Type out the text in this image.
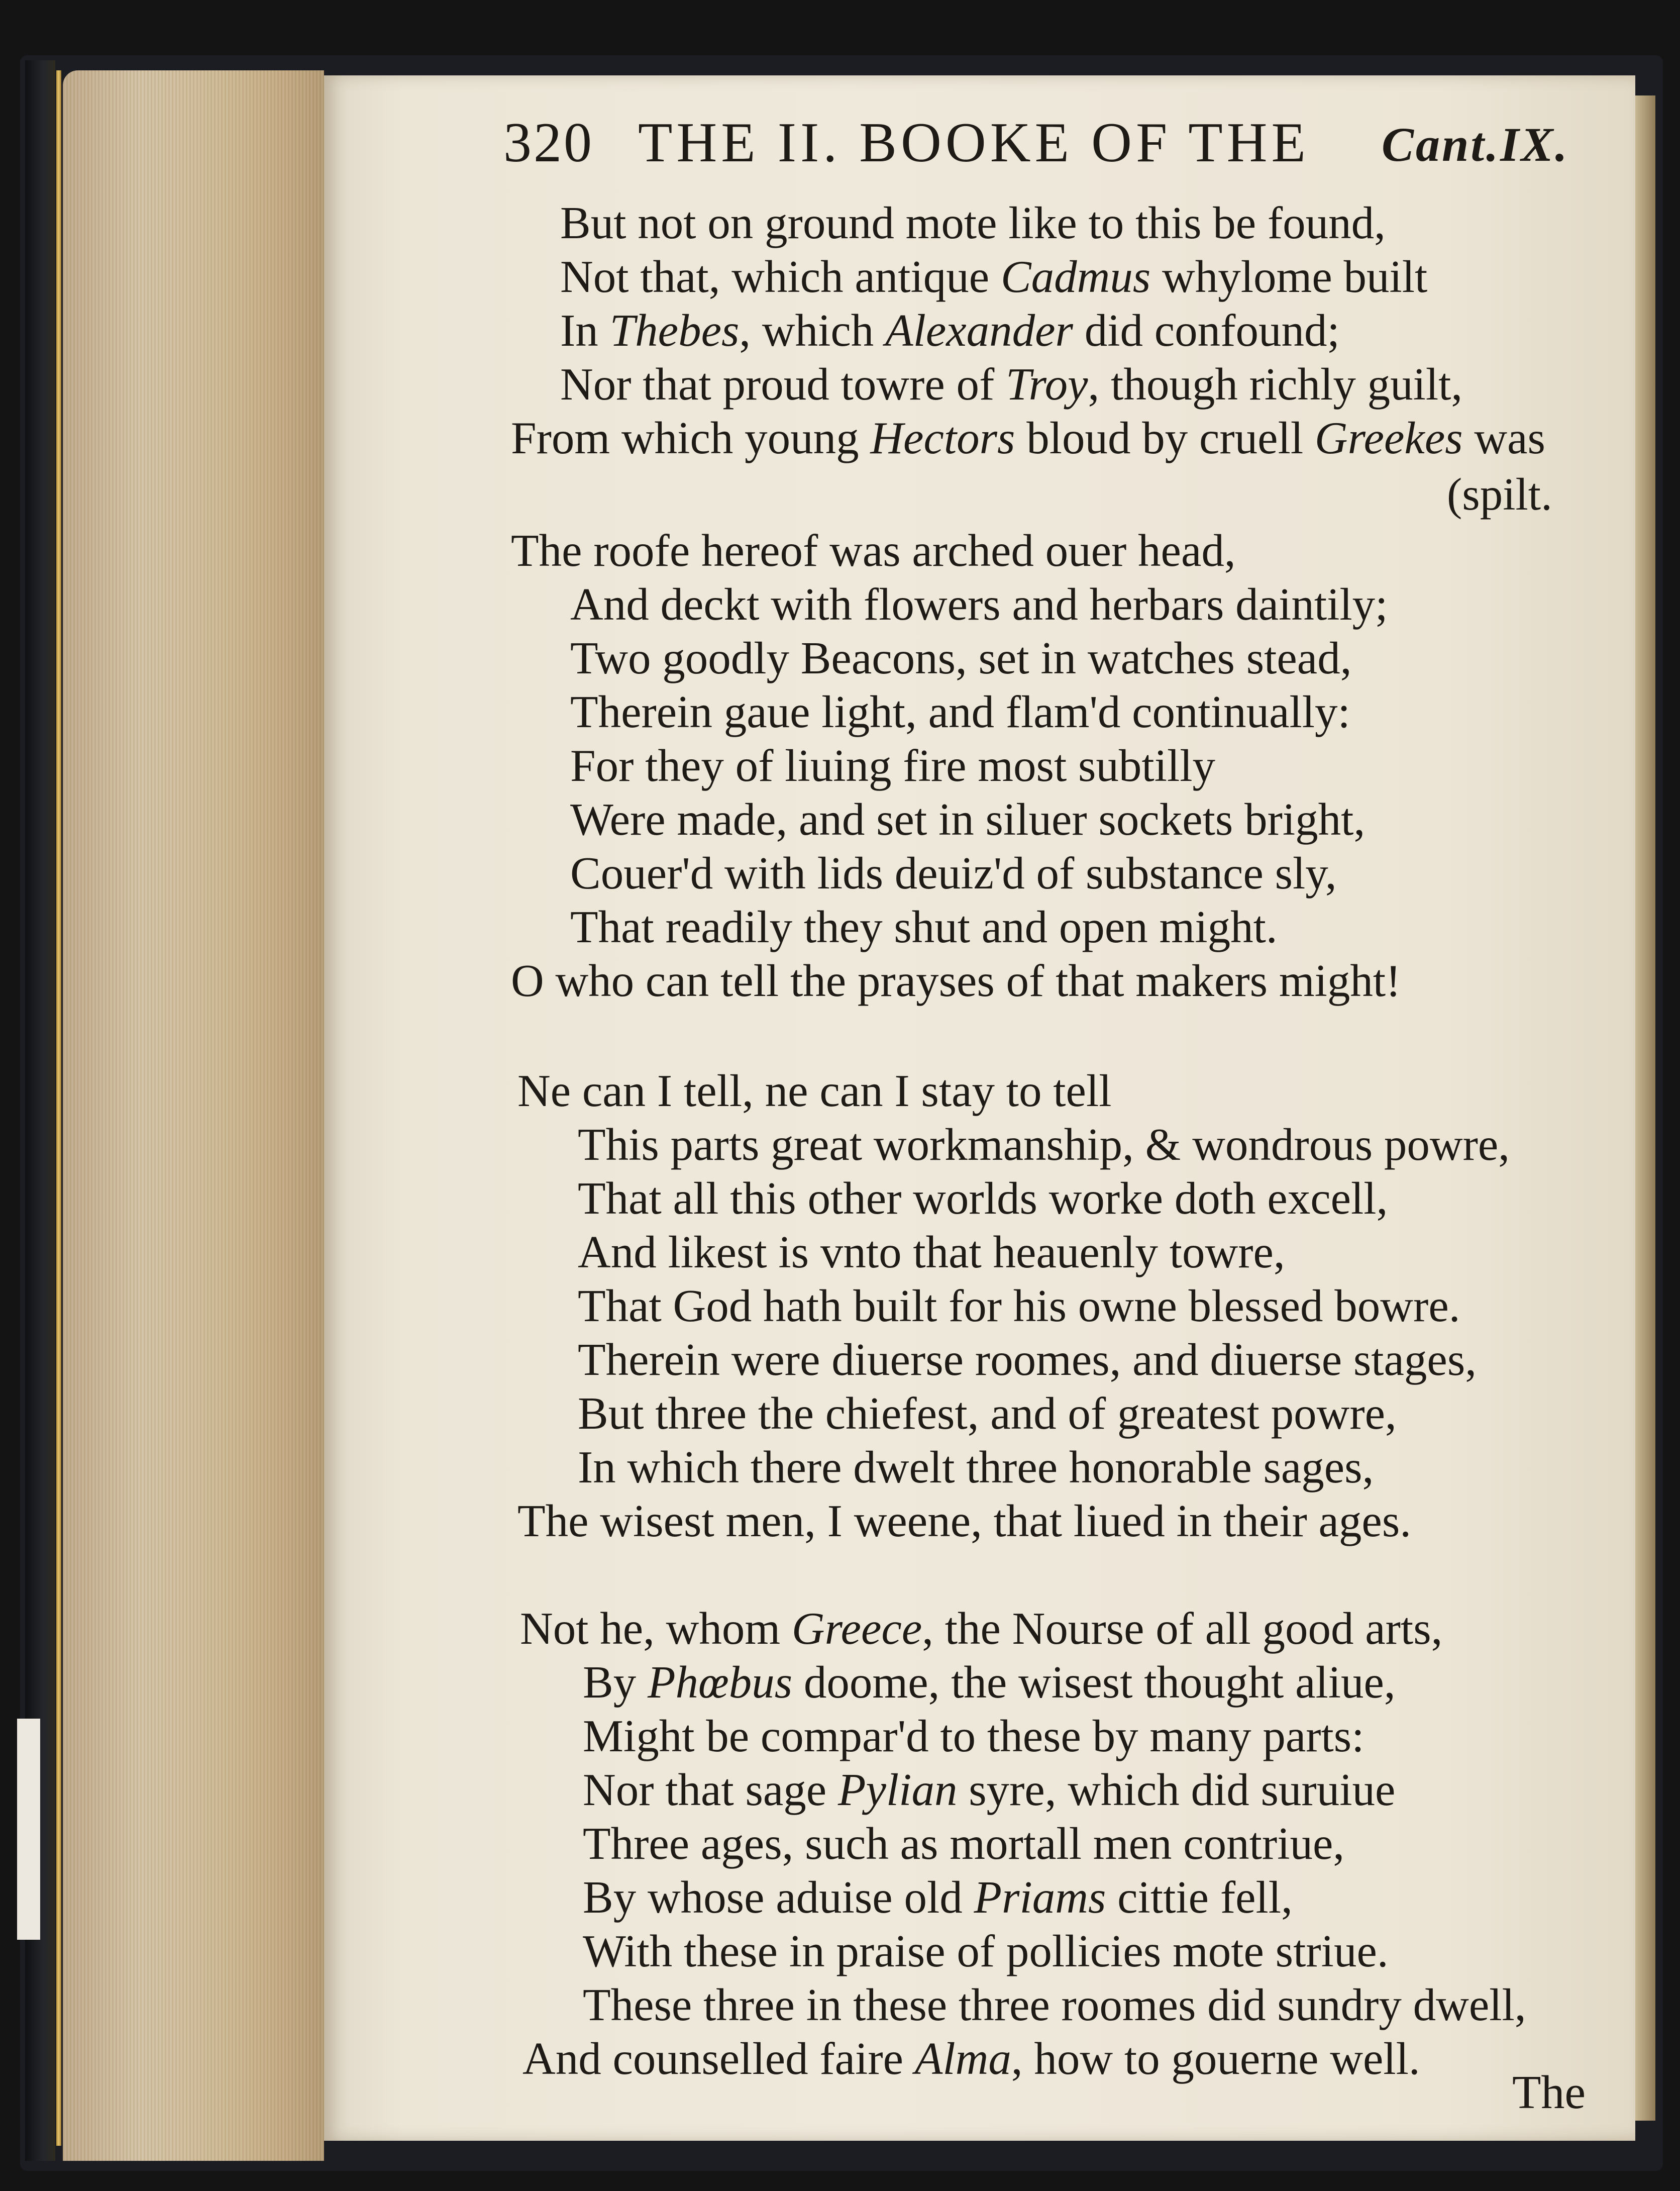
320 THE II. BOOKE OF THE Cant.IX.
But not on ground mote like to this be found,
Not that, which antique Cadmus whylome built
In Thebes, which Alexander did confound;
Nor that proud towre of Troy, though richly guilt,
From which young Hectors bloud by cruell Greekes was
(spilt.
The roofe hereof was arched ouer head,
And deckt with flowers and herbars daintily;
Two goodly Beacons, set in watches stead,
Therein gaue light, and flam'd continually:
For they of liuing fire most subtilly
Were made, and set in siluer sockets bright,
Couer'd with lids deuiz'd of substance sly,
That readily they shut and open might.
O who can tell the prayses of that makers might!
Ne can I tell, ne can I stay to tell
This parts great workmanship, & wondrous powre,
That all this other worlds worke doth excell,
And likest is vnto that heauenly towre,
That God hath built for his owne blessed bowre.
Therein were diuerse roomes, and diuerse stages,
But three the chiefest, and of greatest powre,
In which there dwelt three honorable sages,
The wisest men, I weene, that liued in their ages.
Not he, whom Greece, the Nourse of all good arts,
By Phœbus doome, the wisest thought aliue,
Might be compar'd to these by many parts:
Nor that sage Pylian syre, which did suruiue
Three ages, such as mortall men contriue,
By whose aduise old Priams cittie fell,
With these in praise of pollicies mote striue.
These three in these three roomes did sundry dwell,
And counselled faire Alma, how to gouerne well.
The
